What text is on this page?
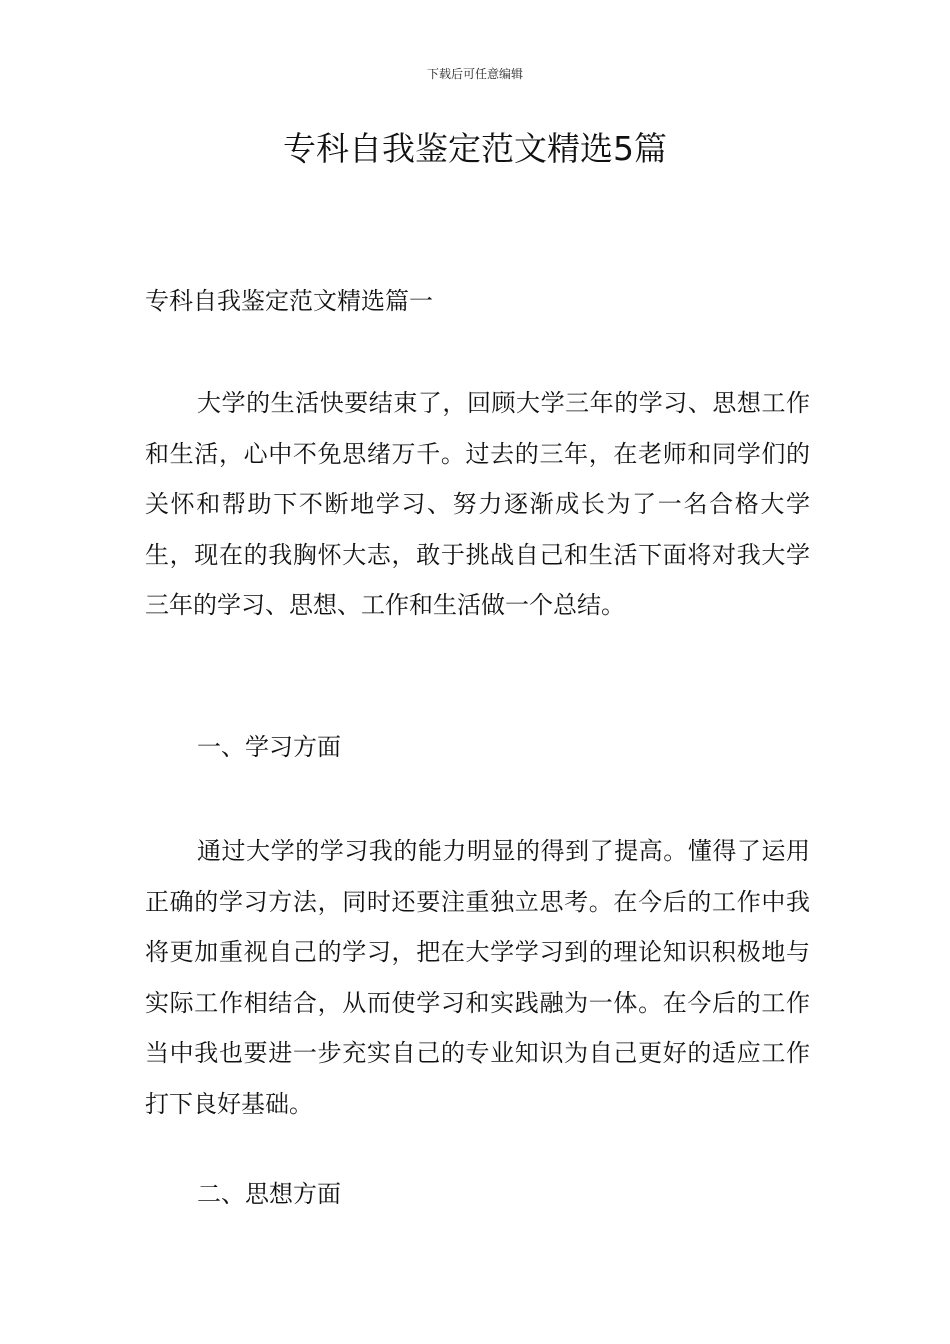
下载后可任意编辑
专科自我鉴定范文精选5篇
专科自我鉴定范文精选篇一

大学的生活快要结束了，回顾大学三年的学习、思想工作和生活，心中不免思绪万千。过去的三年，在老师和同学们的关怀和帮助下不断地学习、努力逐渐成长为了一名合格大学生，现在的我胸怀大志，敢于挑战自己和生活下面将对我大学三年的学习、思想、工作和生活做一个总结。

一、学习方面

通过大学的学习我的能力明显的得到了提高。懂得了运用正确的学习方法，同时还要注重独立思考。在今后的工作中我将更加重视自己的学习，把在大学学习到的理论知识积极地与实际工作相结合，从而使学习和实践融为一体。在今后的工作当中我也要进一步充实自己的专业知识为自己更好的适应工作打下良好基础。

二、思想方面
